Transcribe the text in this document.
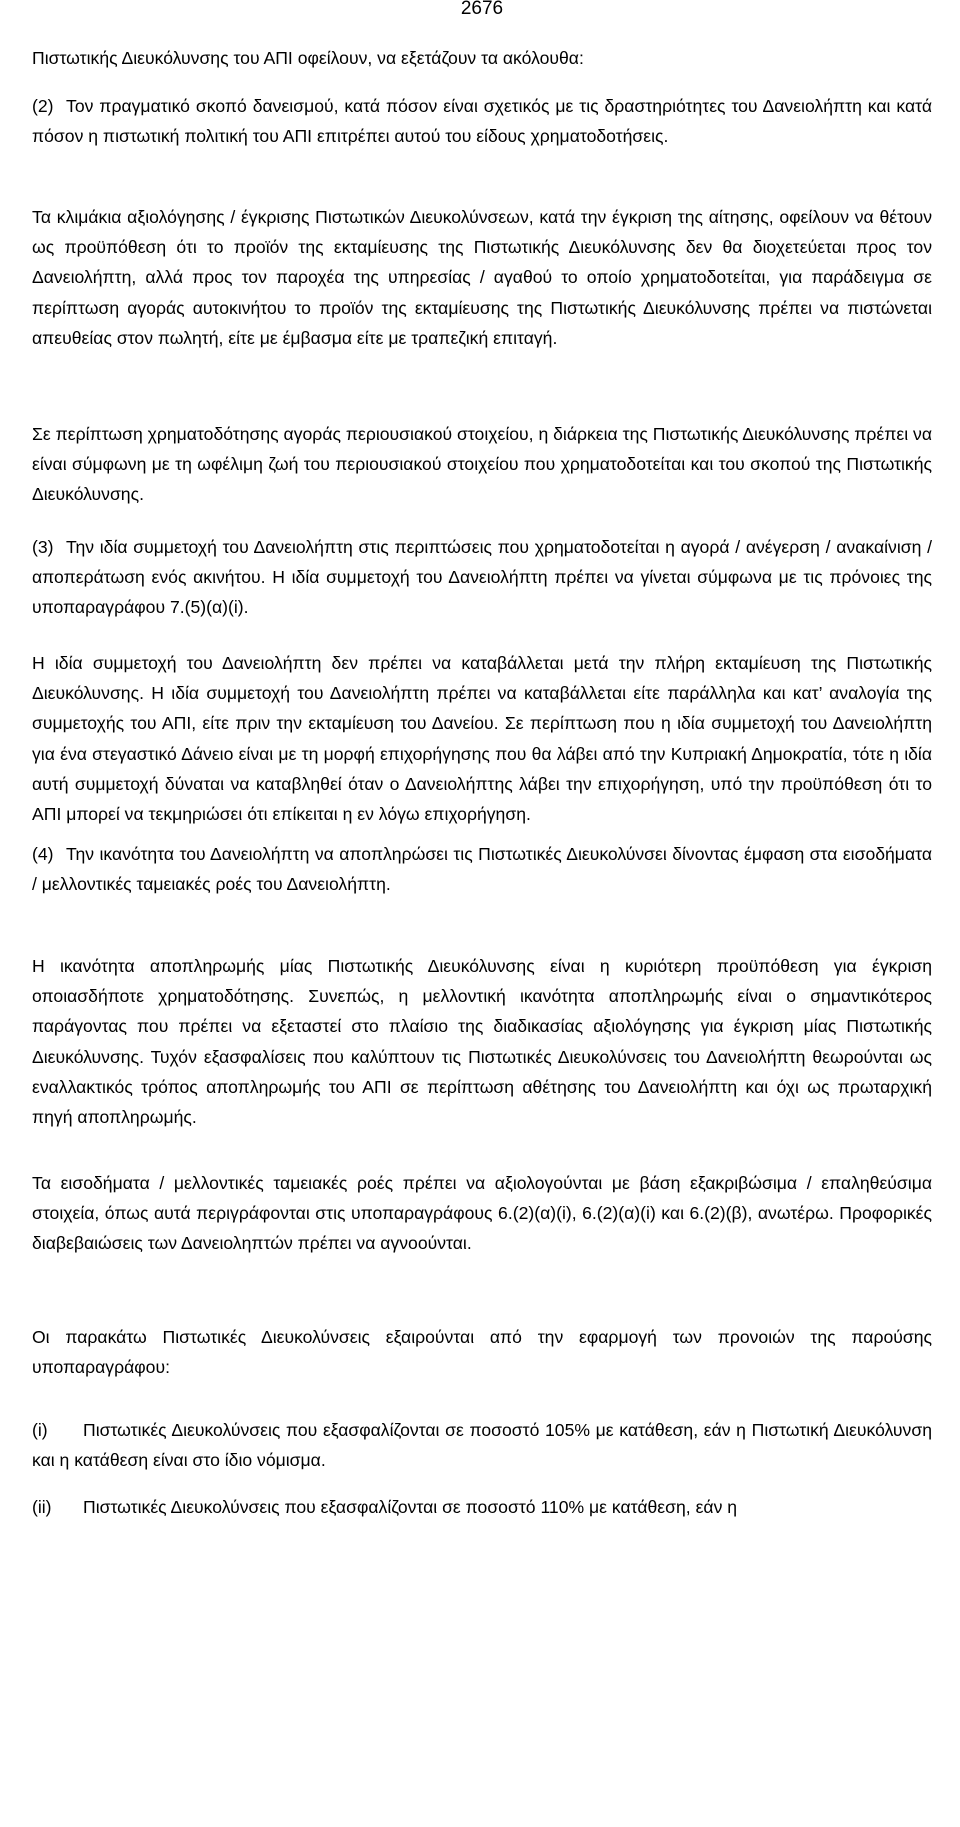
2676

Πιστωτικής Διευκόλυνσης του ΑΠΙ οφείλουν, να εξετάζουν τα ακόλουθα:

(2) Τον πραγματικό σκοπό δανεισμού, κατά πόσον είναι σχετικός με τις δραστηριότητες του Δανειολήπτη και κατά πόσον η πιστωτική πολιτική του ΑΠΙ επιτρέπει αυτού του είδους χρηματοδοτήσεις.

Τα κλιμάκια αξιολόγησης / έγκρισης Πιστωτικών Διευκολύνσεων, κατά την έγκριση της αίτησης, οφείλουν να θέτουν ως προϋπόθεση ότι το προϊόν της εκταμίευσης της Πιστωτικής Διευκόλυνσης δεν θα διοχετεύεται προς τον Δανειολήπτη, αλλά προς τον παροχέα της υπηρεσίας / αγαθού το οποίο χρηματοδοτείται, για παράδειγμα σε περίπτωση αγοράς αυτοκινήτου το προϊόν της εκταμίευσης της Πιστωτικής Διευκόλυνσης πρέπει να πιστώνεται απευθείας στον πωλητή, είτε με έμβασμα είτε με τραπεζική επιταγή.

Σε περίπτωση χρηματοδότησης αγοράς περιουσιακού στοιχείου, η διάρκεια της Πιστωτικής Διευκόλυνσης πρέπει να είναι σύμφωνη με τη ωφέλιμη ζωή του περιουσιακού στοιχείου που χρηματοδοτείται και του σκοπού της Πιστωτικής Διευκόλυνσης.

(3) Την ιδία συμμετοχή του Δανειολήπτη στις περιπτώσεις που χρηματοδοτείται η αγορά / ανέγερση / ανακαίνιση / αποπεράτωση ενός ακινήτου. Η ιδία συμμετοχή του Δανειολήπτη πρέπει να γίνεται σύμφωνα με τις πρόνοιες της υποπαραγράφου 7.(5)(α)(i).

Η ιδία συμμετοχή του Δανειολήπτη δεν πρέπει να καταβάλλεται μετά την πλήρη εκταμίευση της Πιστωτικής Διευκόλυνσης. Η ιδία συμμετοχή του Δανειολήπτη πρέπει να καταβάλλεται είτε παράλληλα και κατ’ αναλογία της συμμετοχής του ΑΠΙ, είτε πριν την εκταμίευση του Δανείου. Σε περίπτωση που η ιδία συμμετοχή του Δανειολήπτη για ένα στεγαστικό Δάνειο είναι με τη μορφή επιχορήγησης που θα λάβει από την Κυπριακή Δημοκρατία, τότε η ιδία αυτή συμμετοχή δύναται να καταβληθεί όταν ο Δανειολήπτης λάβει την επιχορήγηση, υπό την προϋπόθεση ότι το ΑΠΙ μπορεί να τεκμηριώσει ότι επίκειται η εν λόγω επιχορήγηση.

(4) Την ικανότητα του Δανειολήπτη να αποπληρώσει τις Πιστωτικές Διευκολύνσει δίνοντας έμφαση στα εισοδήματα / μελλοντικές ταμειακές ροές του Δανειολήπτη.

Η ικανότητα αποπληρωμής μίας Πιστωτικής Διευκόλυνσης είναι η κυριότερη προϋπόθεση για έγκριση οποιασδήποτε χρηματοδότησης. Συνεπώς, η μελλοντική ικανότητα αποπληρωμής είναι ο σημαντικότερος παράγοντας που πρέπει να εξεταστεί στο πλαίσιο της διαδικασίας αξιολόγησης για έγκριση μίας Πιστωτικής Διευκόλυνσης. Τυχόν εξασφαλίσεις που καλύπτουν τις Πιστωτικές Διευκολύνσεις του Δανειολήπτη θεωρούνται ως εναλλακτικός τρόπος αποπληρωμής του ΑΠΙ σε περίπτωση αθέτησης του Δανειολήπτη και όχι ως πρωταρχική πηγή αποπληρωμής.

Τα εισοδήματα / μελλοντικές ταμειακές ροές πρέπει να αξιολογούνται με βάση εξακριβώσιμα / επαληθεύσιμα στοιχεία, όπως αυτά περιγράφονται στις υποπαραγράφους 6.(2)(α)(i), 6.(2)(α)(i) και 6.(2)(β), ανωτέρω. Προφορικές διαβεβαιώσεις των Δανειοληπτών πρέπει να αγνοούνται.

Οι παρακάτω Πιστωτικές Διευκολύνσεις εξαιρούνται από την εφαρμογή των προνοιών της παρούσης υποπαραγράφου:

(i) Πιστωτικές Διευκολύνσεις που εξασφαλίζονται σε ποσοστό 105% με κατάθεση, εάν η Πιστωτική Διευκόλυνση και η κατάθεση είναι στο ίδιο νόμισμα.

(ii) Πιστωτικές Διευκολύνσεις που εξασφαλίζονται σε ποσοστό 110% με κατάθεση, εάν η
